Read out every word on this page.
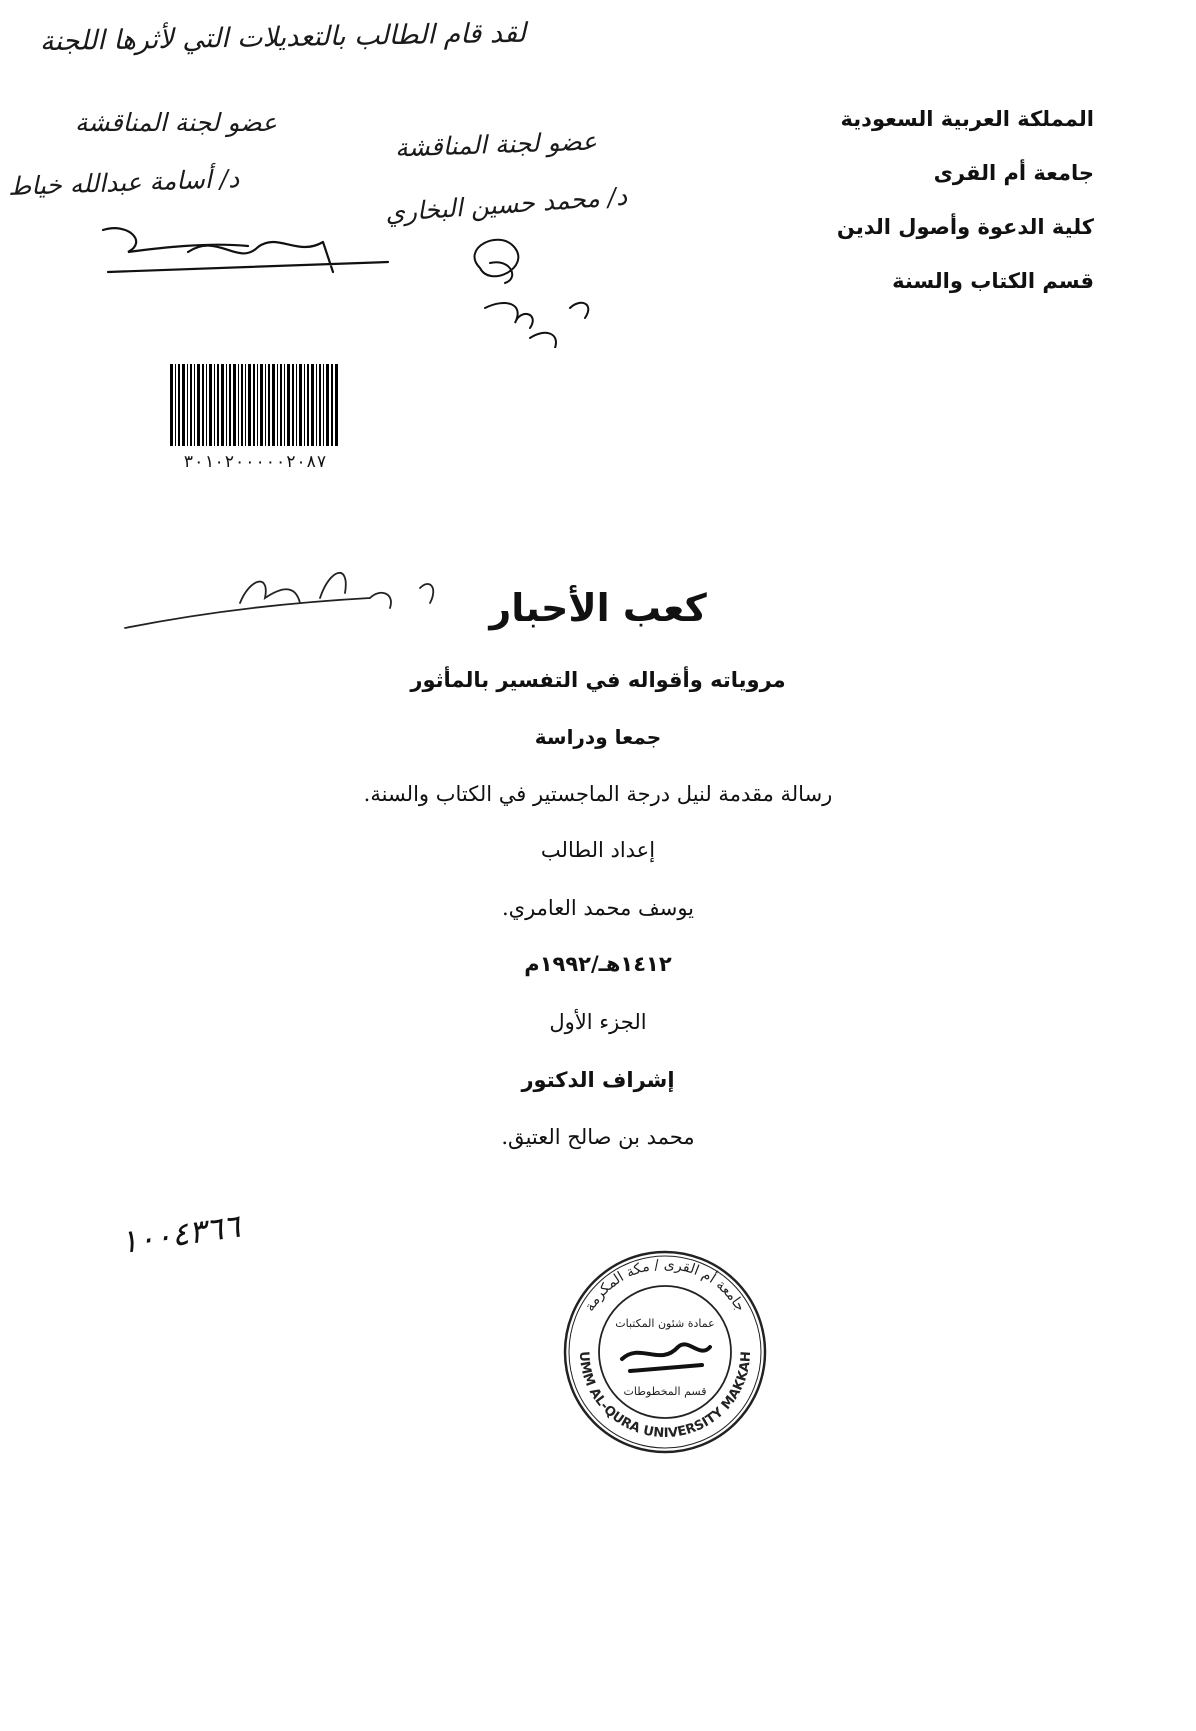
المملكة العربية السعودية
جامعة أم القرى
كلية الدعوة وأصول الدين
قسم الكتاب والسنة
لقد قام الطالب بالتعديلات التي لأثرها اللجنة
عضو لجنة المناقشة
عضو لجنة المناقشة
د/ أسامة عبدالله خياط	د/ محمد حسين البخاري
٣٠١٠٢٠٠٠٠٠٢٠٨٧
كعب الأحبار
مروياته وأقواله في التفسير بالمأثور
جمعا ودراسة
رسالة مقدمة لنيل درجة الماجستير في الكتاب والسنة.
إعداد الطالب
يوسف محمد العامري.
١٤١٢هـ/١٩٩٢م
الجزء الأول
إشراف الدكتور
محمد بن صالح العتيق.
١٠٠٤٣٦٦
جامعة أم القرى / مكة المكرمة
UMM AL-QURA UNIVERSITY MAKKAH
عمادة شئون المكتبات
قسم المخطوطات
